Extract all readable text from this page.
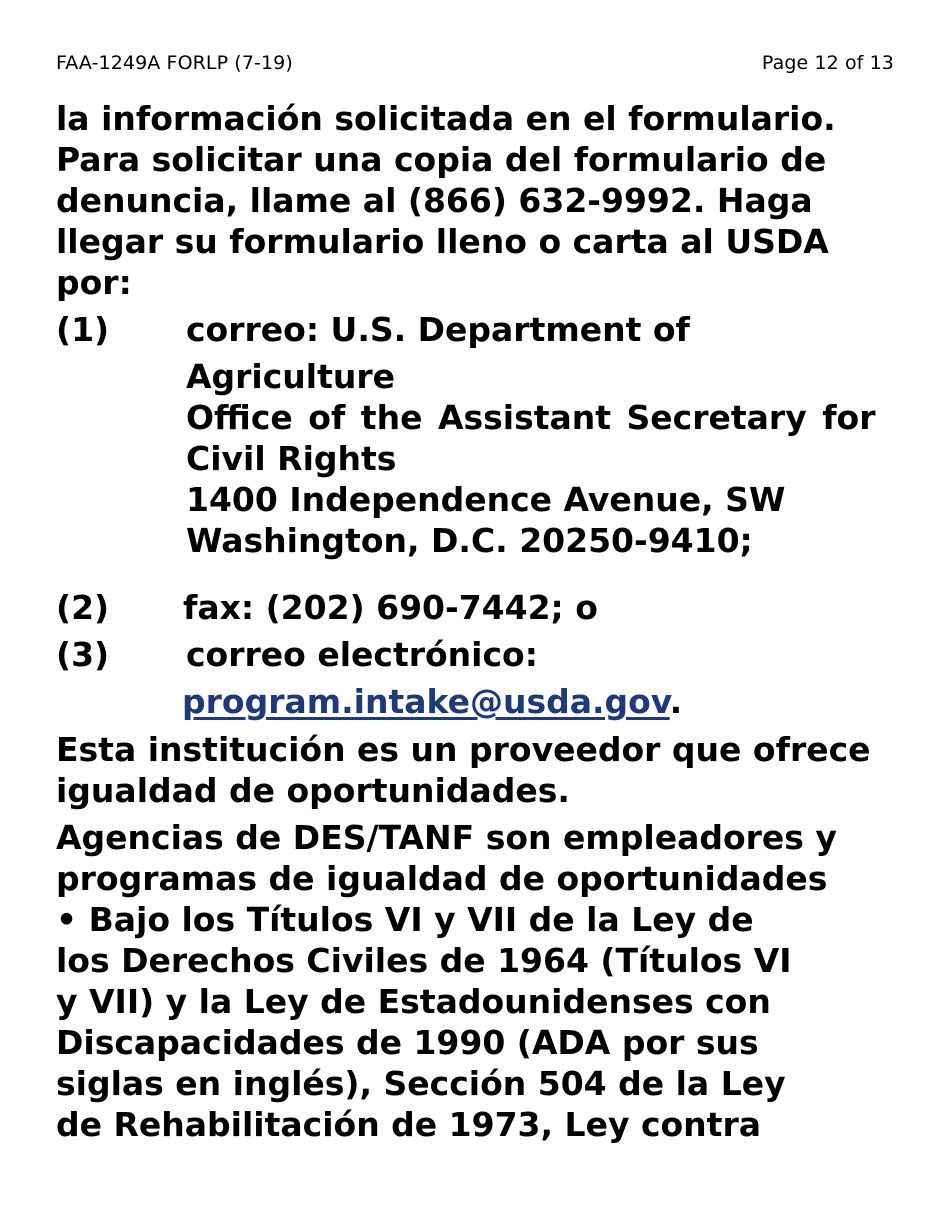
FAA-1249A FORLP (7-19)	Page 12 of 13
la información solicitada en el formulario.
Para solicitar una copia del formulario de
denuncia, llame al (866) 632-9992. Haga
llegar su formulario lleno o carta al USDA
por:
(1) correo: U.S. Department of
Agriculture
Office of the Assistant Secretary for
Civil Rights
1400 Independence Avenue, SW
Washington, D.C. 20250-9410;
(2) fax: (202) 690-7442; o
(3) correo electrónico:
program.intake@usda.gov.
Esta institución es un proveedor que ofrece
igualdad de oportunidades.
Agencias de DES/TANF son empleadores y
programas de igualdad de oportunidades
• Bajo los Títulos VI y VII de la Ley de
los Derechos Civiles de 1964 (Títulos VI
y VII) y la Ley de Estadounidenses con
Discapacidades de 1990 (ADA por sus
siglas en inglés), Sección 504 de la Ley
de Rehabilitación de 1973, Ley contra
